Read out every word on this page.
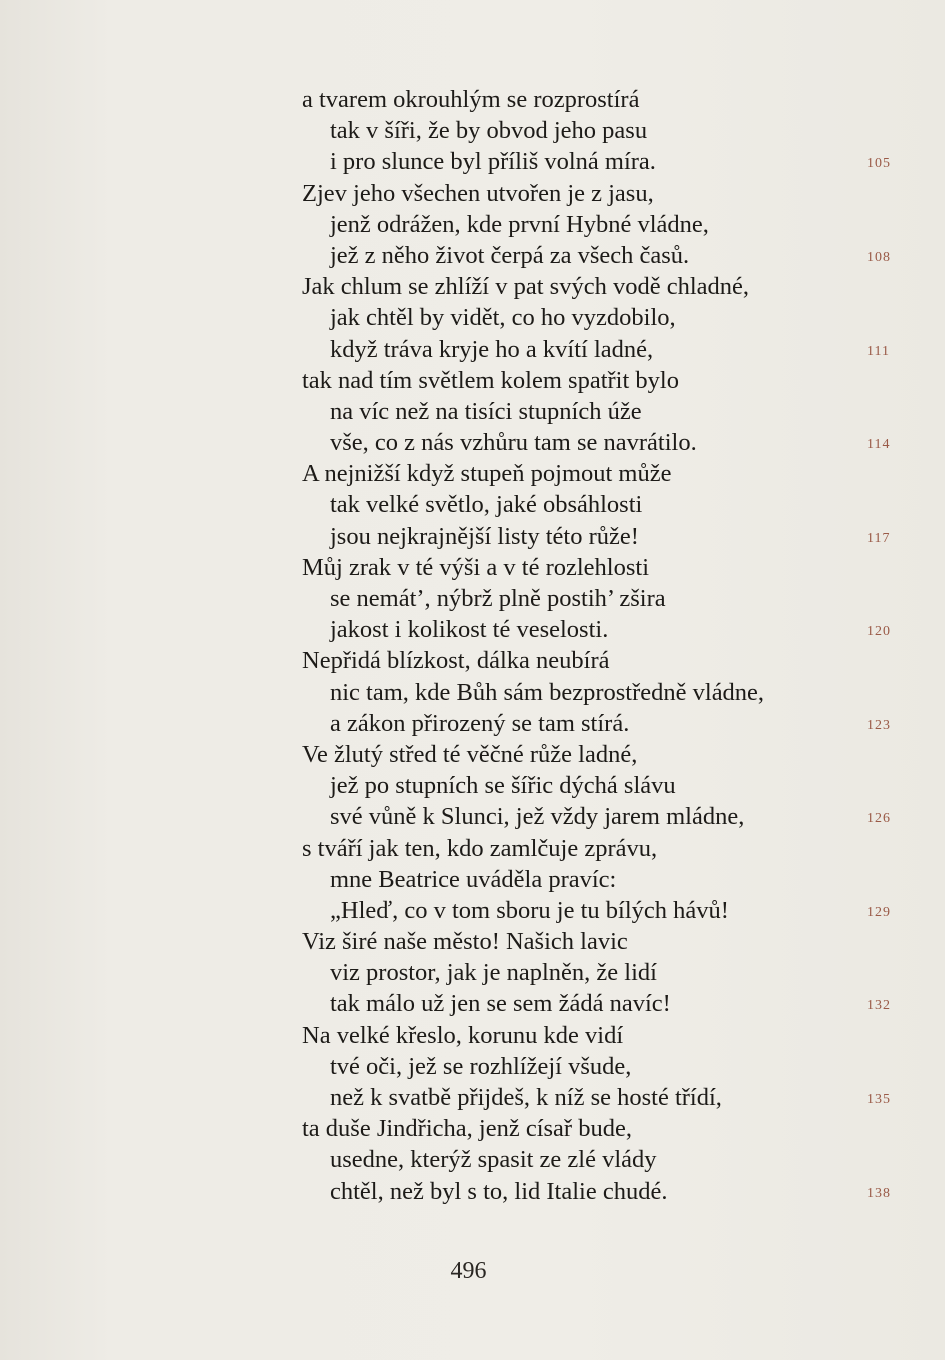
a tvarem okrouhlým se rozprostírá
tak v šíři, že by obvod jeho pasu
i pro slunce byl příliš volná míra.	105
Zjev jeho všechen utvořen je z jasu,
jenž odrážen, kde první Hybné vládne,
jež z něho život čerpá za všech časů.	108
Jak chlum se zhlíží v pat svých vodě chladné,
jak chtěl by vidět, co ho vyzdobilo,
když tráva kryje ho a kvítí ladné,	111
tak nad tím světlem kolem spatřit bylo
na víc než na tisíci stupních úže
vše, co z nás vzhůru tam se navrátilo.	114
A nejnižší když stupeň pojmout může
tak velké světlo, jaké obsáhlosti
jsou nejkrajnější listy této růže!	117
Můj zrak v té výši a v té rozlehlosti
se nemát’, nýbrž plně postih’ zšira
jakost i kolikost té veselosti.	120
Nepřidá blízkost, dálka neubírá
nic tam, kde Bůh sám bezprostředně vládne,
a zákon přirozený se tam stírá.	123
Ve žlutý střed té věčné růže ladné,
jež po stupních se šířic dýchá slávu
své vůně k Slunci, jež vždy jarem mládne,	126
s tváří jak ten, kdo zamlčuje zprávu,
mne Beatrice uváděla pravíc:
„Hleď, co v tom sboru je tu bílých hávů!	129
Viz širé naše město! Našich lavic
viz prostor, jak je naplněn, že lidí
tak málo už jen se sem žádá navíc!	132
Na velké křeslo, korunu kde vidí
tvé oči, jež se rozhlížejí všude,
než k svatbě přijdeš, k níž se hosté třídí,	135
ta duše Jindřicha, jenž císař bude,
usedne, kterýž spasit ze zlé vlády
chtěl, než byl s to, lid Italie chudé.	138
496
